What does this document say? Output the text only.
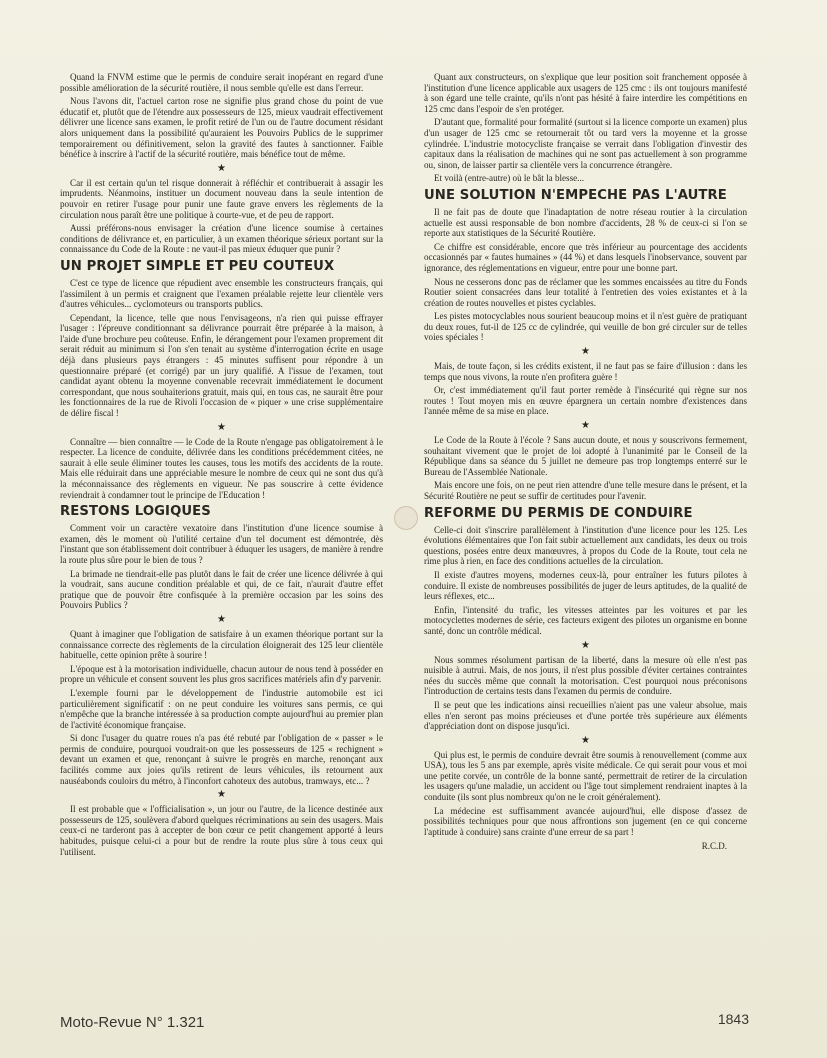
Quand la FNVM estime que le permis de conduire serait inopérant en regard d'une possible amélioration de la sécurité routière, il nous semble qu'elle est dans l'erreur.

Nous l'avons dit, l'actuel carton rose ne signifie plus grand chose du point de vue éducatif et, plutôt que de l'étendre aux possesseurs de 125, mieux vaudrait effectivement délivrer une licence sans examen, le profit retiré de l'un ou de l'autre document résidant alors uniquement dans la possibilité qu'auraient les Pouvoirs Publics de le supprimer temporairement ou définitivement, selon la gravité des fautes à sanctionner. Faible bénéfice à inscrire à l'actif de la sécurité routière, mais bénéfice tout de même.

★

Car il est certain qu'un tel risque donnerait à réfléchir et contribuerait à assagir les imprudents. Néanmoins, instituer un document nouveau dans la seule intention de pouvoir en retirer l'usage pour punir une faute grave envers les règlements de la circulation nous paraît être une politique à courte-vue, et de peu de rapport.

Aussi préférons-nous envisager la création d'une licence soumise à certaines conditions de délivrance et, en particulier, à un examen théorique sérieux portant sur la connaissance du Code de la Route : ne vaut-il pas mieux éduquer que punir ?

UN PROJET SIMPLE ET PEU COUTEUX

C'est ce type de licence que répudient avec ensemble les constructeurs français, qui l'assimilent à un permis et craignent que l'examen préalable rejette leur clientèle vers d'autres véhicules... cyclomoteurs ou transports publics.

Cependant, la licence, telle que nous l'envisageons, n'a rien qui puisse effrayer l'usager : l'épreuve conditionnant sa délivrance pourrait être préparée à la maison, à l'aide d'une brochure peu coûteuse. Enfin, le dérangement pour l'examen proprement dit serait réduit au minimum si l'on s'en tenait au système d'interrogation écrite en usage déjà dans plusieurs pays étrangers : 45 minutes suffisent pour répondre à un questionnaire préparé (et corrigé) par un jury qualifié. A l'issue de l'examen, tout candidat ayant obtenu la moyenne convenable recevrait immédiatement le document correspondant, que nous souhaiterions gratuit, mais qui, en tous cas, ne saurait être pour les fonctionnaires de la rue de Rivoli l'occasion de « piquer » une crise supplémentaire de délire fiscal !

★

Connaître — bien connaître — le Code de la Route n'engage pas obligatoirement à le respecter. La licence de conduite, délivrée dans les conditions précédemment citées, ne saurait à elle seule éliminer toutes les causes, tous les motifs des accidents de la route. Mais elle réduirait dans une appréciable mesure le nombre de ceux qui ne sont dus qu'à la méconnaissance des règlements en vigueur. Ne pas souscrire à cette évidence reviendrait à condamner tout le principe de l'Education !

RESTONS LOGIQUES

Comment voir un caractère vexatoire dans l'institution d'une licence soumise à examen, dès le moment où l'utilité certaine d'un tel document est démontrée, dès l'instant que son établissement doit contribuer à éduquer les usagers, de manière à rendre la route plus sûre pour le bien de tous ?

La brimade ne tiendrait-elle pas plutôt dans le fait de créer une licence délivrée à qui la voudrait, sans aucune condition préalable et qui, de ce fait, n'aurait d'autre effet pratique que de pouvoir être confisquée à la première occasion par les soins des Pouvoirs Publics ?

★

Quant à imaginer que l'obligation de satisfaire à un examen théorique portant sur la connaissance correcte des règlements de la circulation éloignerait des 125 leur clientèle habituelle, cette opinion prête à sourire !

L'époque est à la motorisation individuelle, chacun autour de nous tend à posséder en propre un véhicule et consent souvent les plus gros sacrifices matériels afin d'y parvenir.

L'exemple fourni par le développement de l'industrie automobile est ici particulièrement significatif : on ne peut conduire les voitures sans permis, ce qui n'empêche que la branche intéressée à sa production compte aujourd'hui au premier plan de l'activité économique française.

Si donc l'usager du quatre roues n'a pas été rebuté par l'obligation de « passer » le permis de conduire, pourquoi voudrait-on que les possesseurs de 125 « rechignent » devant un examen et que, renonçant à suivre le progrès en marche, renonçant aux facilités comme aux joies qu'ils retirent de leurs véhicules, ils retournent aux nauséabonds couloirs du métro, à l'inconfort cahoteux des autobus, tramways, etc... ?

★

Il est probable que « l'officialisation », un jour ou l'autre, de la licence destinée aux possesseurs de 125, soulèvera d'abord quelques récriminations au sein des usagers. Mais ceux-ci ne tarderont pas à accepter de bon cœur ce petit changement apporté à leurs habitudes, puisque celui-ci a pour but de rendre la route plus sûre à tous ceux qui l'utilisent.

Quant aux constructeurs, on s'explique que leur position soit franchement opposée à l'institution d'une licence applicable aux usagers de 125 cmc : ils ont toujours manifesté à son égard une telle crainte, qu'ils n'ont pas hésité à faire interdire les compétitions en 125 cmc dans l'espoir de s'en protéger.

D'autant que, formalité pour formalité (surtout si la licence comporte un examen) plus d'un usager de 125 cmc se retournerait tôt ou tard vers la moyenne et la grosse cylindrée. L'industrie motocycliste française se verrait dans l'obligation d'investir des capitaux dans la réalisation de machines qui ne sont pas actuellement à son programme ou, sinon, de laisser partir sa clientèle vers la concurrence étrangère.

Et voilà (entre-autre) où le bât la blesse...

UNE SOLUTION N'EMPECHE PAS L'AUTRE

Il ne fait pas de doute que l'inadaptation de notre réseau routier à la circulation actuelle est aussi responsable de bon nombre d'accidents, 28 % de ceux-ci si l'on se reporte aux statistiques de la Sécurité Routière.

Ce chiffre est considérable, encore que très inférieur au pourcentage des accidents occasionnés par « fautes humaines » (44 %) et dans lesquels l'inobservance, souvent par ignorance, des réglementations en vigueur, entre pour une bonne part.

Nous ne cesserons donc pas de réclamer que les sommes encaissées au titre du Fonds Routier soient consacrées dans leur totalité à l'entretien des voies existantes et à la création de routes nouvelles et pistes cyclables.

Les pistes motocyclables nous sourient beaucoup moins et il n'est guère de pratiquant du deux roues, fut-il de 125 cc de cylindrée, qui veuille de bon gré circuler sur de telles voies spéciales !

★

Mais, de toute façon, si les crédits existent, il ne faut pas se faire d'illusion : dans les temps que nous vivons, la route n'en profitera guère !

Or, c'est immédiatement qu'il faut porter remède à l'insécurité qui règne sur nos routes ! Tout moyen mis en œuvre épargnera un certain nombre d'existences dans l'année même de sa mise en place.

★

Le Code de la Route à l'école ? Sans aucun doute, et nous y souscrivons fermement, souhaitant vivement que le projet de loi adopté à l'unanimité par le Conseil de la République dans sa séance du 5 juillet ne demeure pas trop longtemps enterré sur le Bureau de l'Assemblée Nationale.

Mais encore une fois, on ne peut rien attendre d'une telle mesure dans le présent, et la Sécurité Routière ne peut se suffir de certitudes pour l'avenir.

REFORME DU PERMIS DE CONDUIRE

Celle-ci doit s'inscrire parallèlement à l'institution d'une licence pour les 125. Les évolutions élémentaires que l'on fait subir actuellement aux candidats, les deux ou trois questions, posées entre deux manœuvres, à propos du Code de la Route, tout cela ne rime plus à rien, en face des conditions actuelles de la circulation.

Il existe d'autres moyens, modernes ceux-là, pour entraîner les futurs pilotes à conduire. Il existe de nombreuses possibilités de juger de leurs aptitudes, de la qualité de leurs réflexes, etc...

Enfin, l'intensité du trafic, les vitesses atteintes par les voitures et par les motocyclettes modernes de série, ces facteurs exigent des pilotes un organisme en bonne santé, donc un contrôle médical.

★

Nous sommes résolument partisan de la liberté, dans la mesure où elle n'est pas nuisible à autrui. Mais, de nos jours, il n'est plus possible d'éviter certaines contraintes nées du succès même que connaît la motorisation. C'est pourquoi nous préconisons l'introduction de certains tests dans l'examen du permis de conduire.

Il se peut que les indications ainsi recueillies n'aient pas une valeur absolue, mais elles n'en seront pas moins précieuses et d'une portée très supérieure aux éléments d'appréciation dont on dispose jusqu'ici.

★

Qui plus est, le permis de conduire devrait être soumis à renouvellement (comme aux USA), tous les 5 ans par exemple, après visite médicale. Ce qui serait pour vous et moi une petite corvée, un contrôle de la bonne santé, permettrait de retirer de la circulation les usagers qu'une maladie, un accident ou l'âge tout simplement rendraient inaptes à la conduite (ils sont plus nombreux qu'on ne le croit généralement).

La médecine est suffisamment avancée aujourd'hui, elle dispose d'assez de possibilités techniques pour que nous affrontions son jugement (en ce qui concerne l'aptitude à conduire) sans crainte d'une erreur de sa part !

R.C.D.
Moto-Revue N° 1.321	1843
